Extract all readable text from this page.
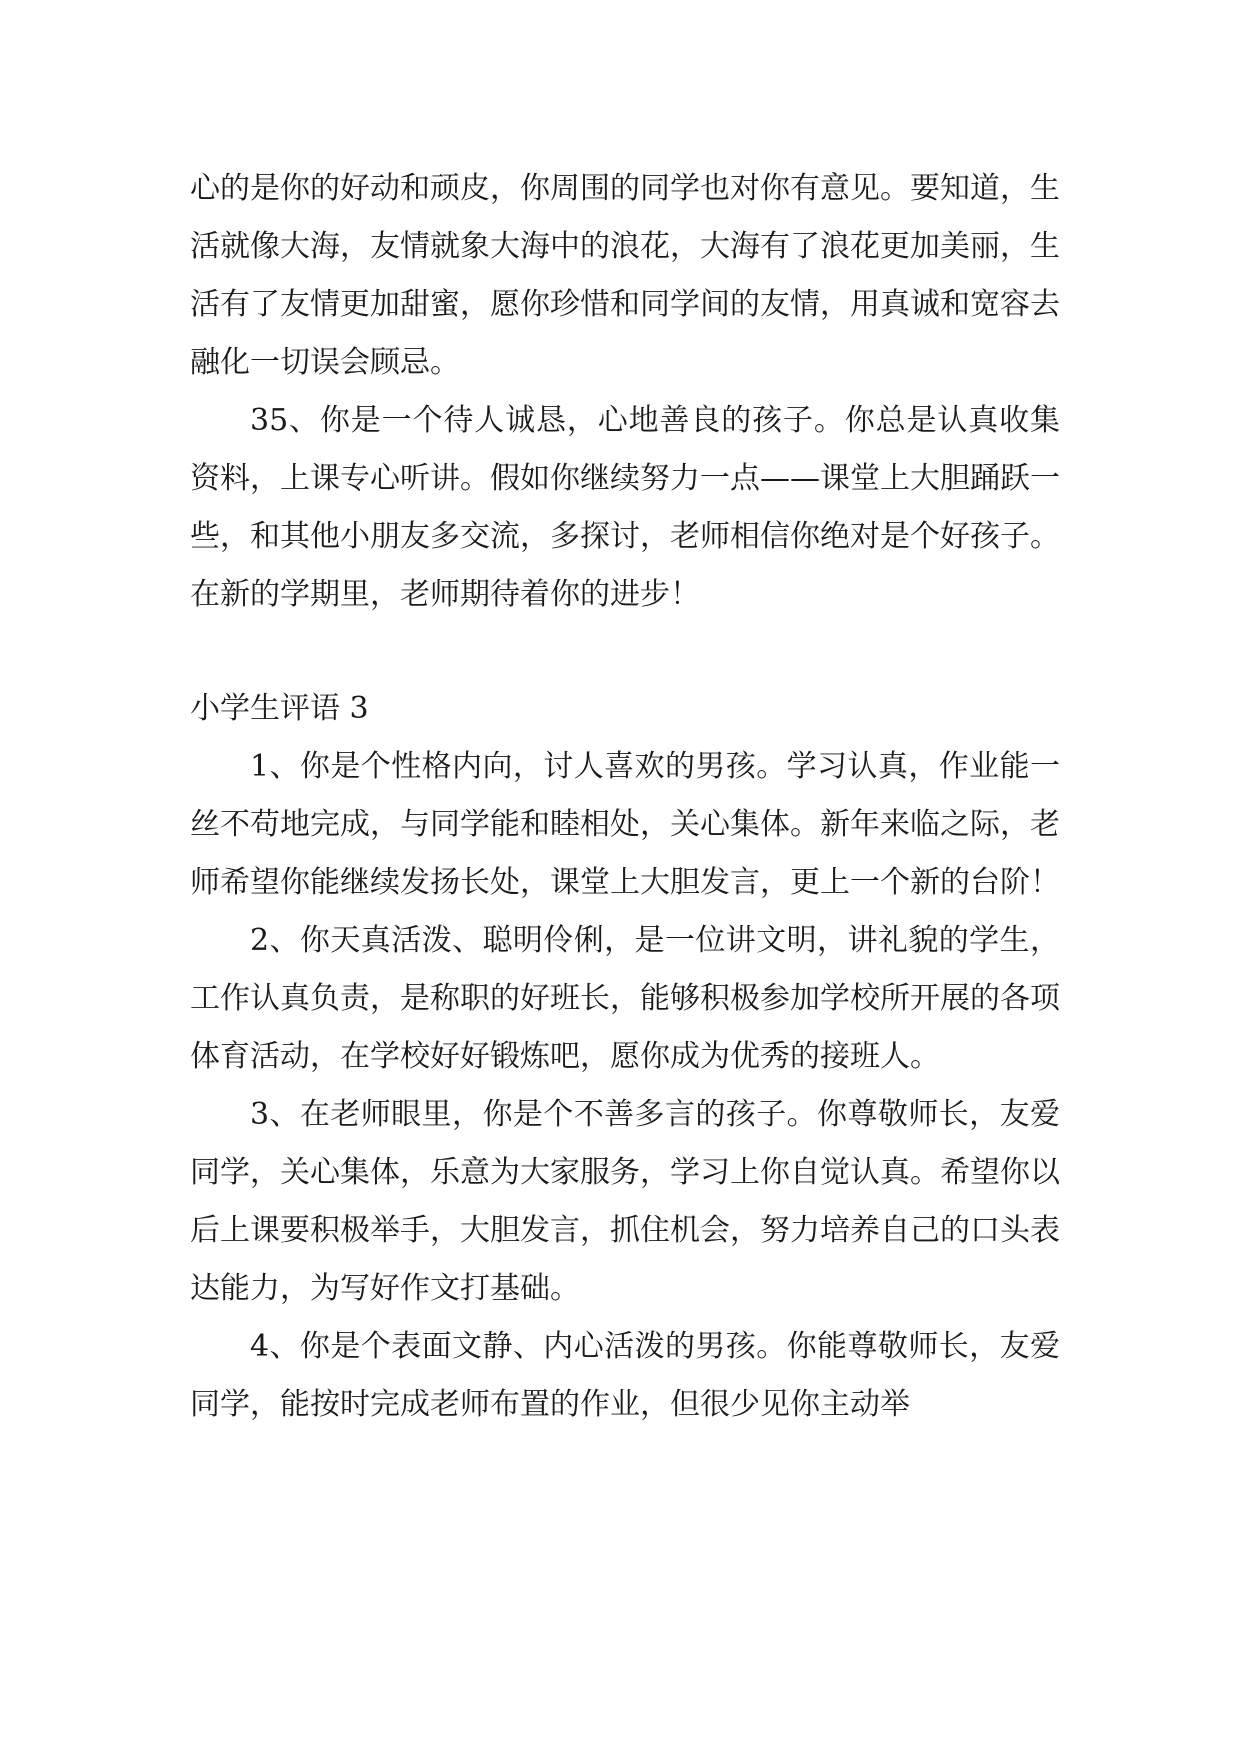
心的是你的好动和顽皮，你周围的同学也对你有意见。要知道，生活就像大海，友情就象大海中的浪花，大海有了浪花更加美丽，生活有了友情更加甜蜜，愿你珍惜和同学间的友情，用真诚和宽容去融化一切误会顾忌。

35、你是一个待人诚恳，心地善良的孩子。你总是认真收集资料，上课专心听讲。假如你继续努力一点——课堂上大胆踊跃一些，和其他小朋友多交流，多探讨，老师相信你绝对是个好孩子。在新的学期里，老师期待着你的进步！

小学生评语 3

1、你是个性格内向，讨人喜欢的男孩。学习认真，作业能一丝不苟地完成，与同学能和睦相处，关心集体。新年来临之际，老师希望你能继续发扬长处，课堂上大胆发言，更上一个新的台阶！

2、你天真活泼、聪明伶俐，是一位讲文明，讲礼貌的学生，工作认真负责，是称职的好班长，能够积极参加学校所开展的各项体育活动，在学校好好锻炼吧，愿你成为优秀的接班人。

3、在老师眼里，你是个不善多言的孩子。你尊敬师长，友爱同学，关心集体，乐意为大家服务，学习上你自觉认真。希望你以后上课要积极举手，大胆发言，抓住机会，努力培养自己的口头表达能力，为写好作文打基础。

4、你是个表面文静、内心活泼的男孩。你能尊敬师长，友爱同学，能按时完成老师布置的作业，但很少见你主动举
